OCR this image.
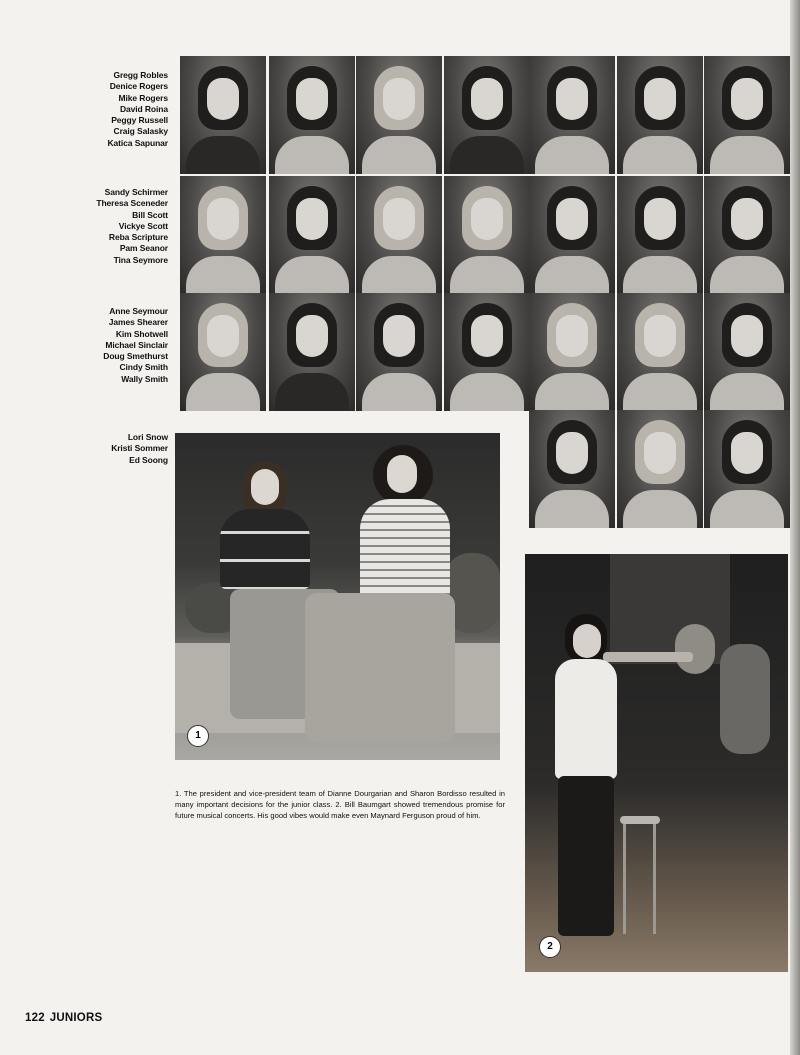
Gregg Robles
Denice Rogers
Mike Rogers
David Roina
Peggy Russell
Craig Salasky
Katica Sapunar
Sandy Schirmer
Theresa Sceneder
Bill Scott
Vickye Scott
Reba Scripture
Pam Seanor
Tina Seymore
Anne Seymour
James Shearer
Kim Shotwell
Michael Sinclair
Doug Smethurst
Cindy Smith
Wally Smith
Lori Snow
Kristi Sommer
Ed Soong
1
2
1. The president and vice-president team of Dianne Dourgarian and Sharon Bordisso resulted in many important decisions for the junior class. 2. Bill Baumgart showed tremendous promise for future musical concerts. His good vibes would make even Maynard Ferguson proud of him.
122 JUNIORS
